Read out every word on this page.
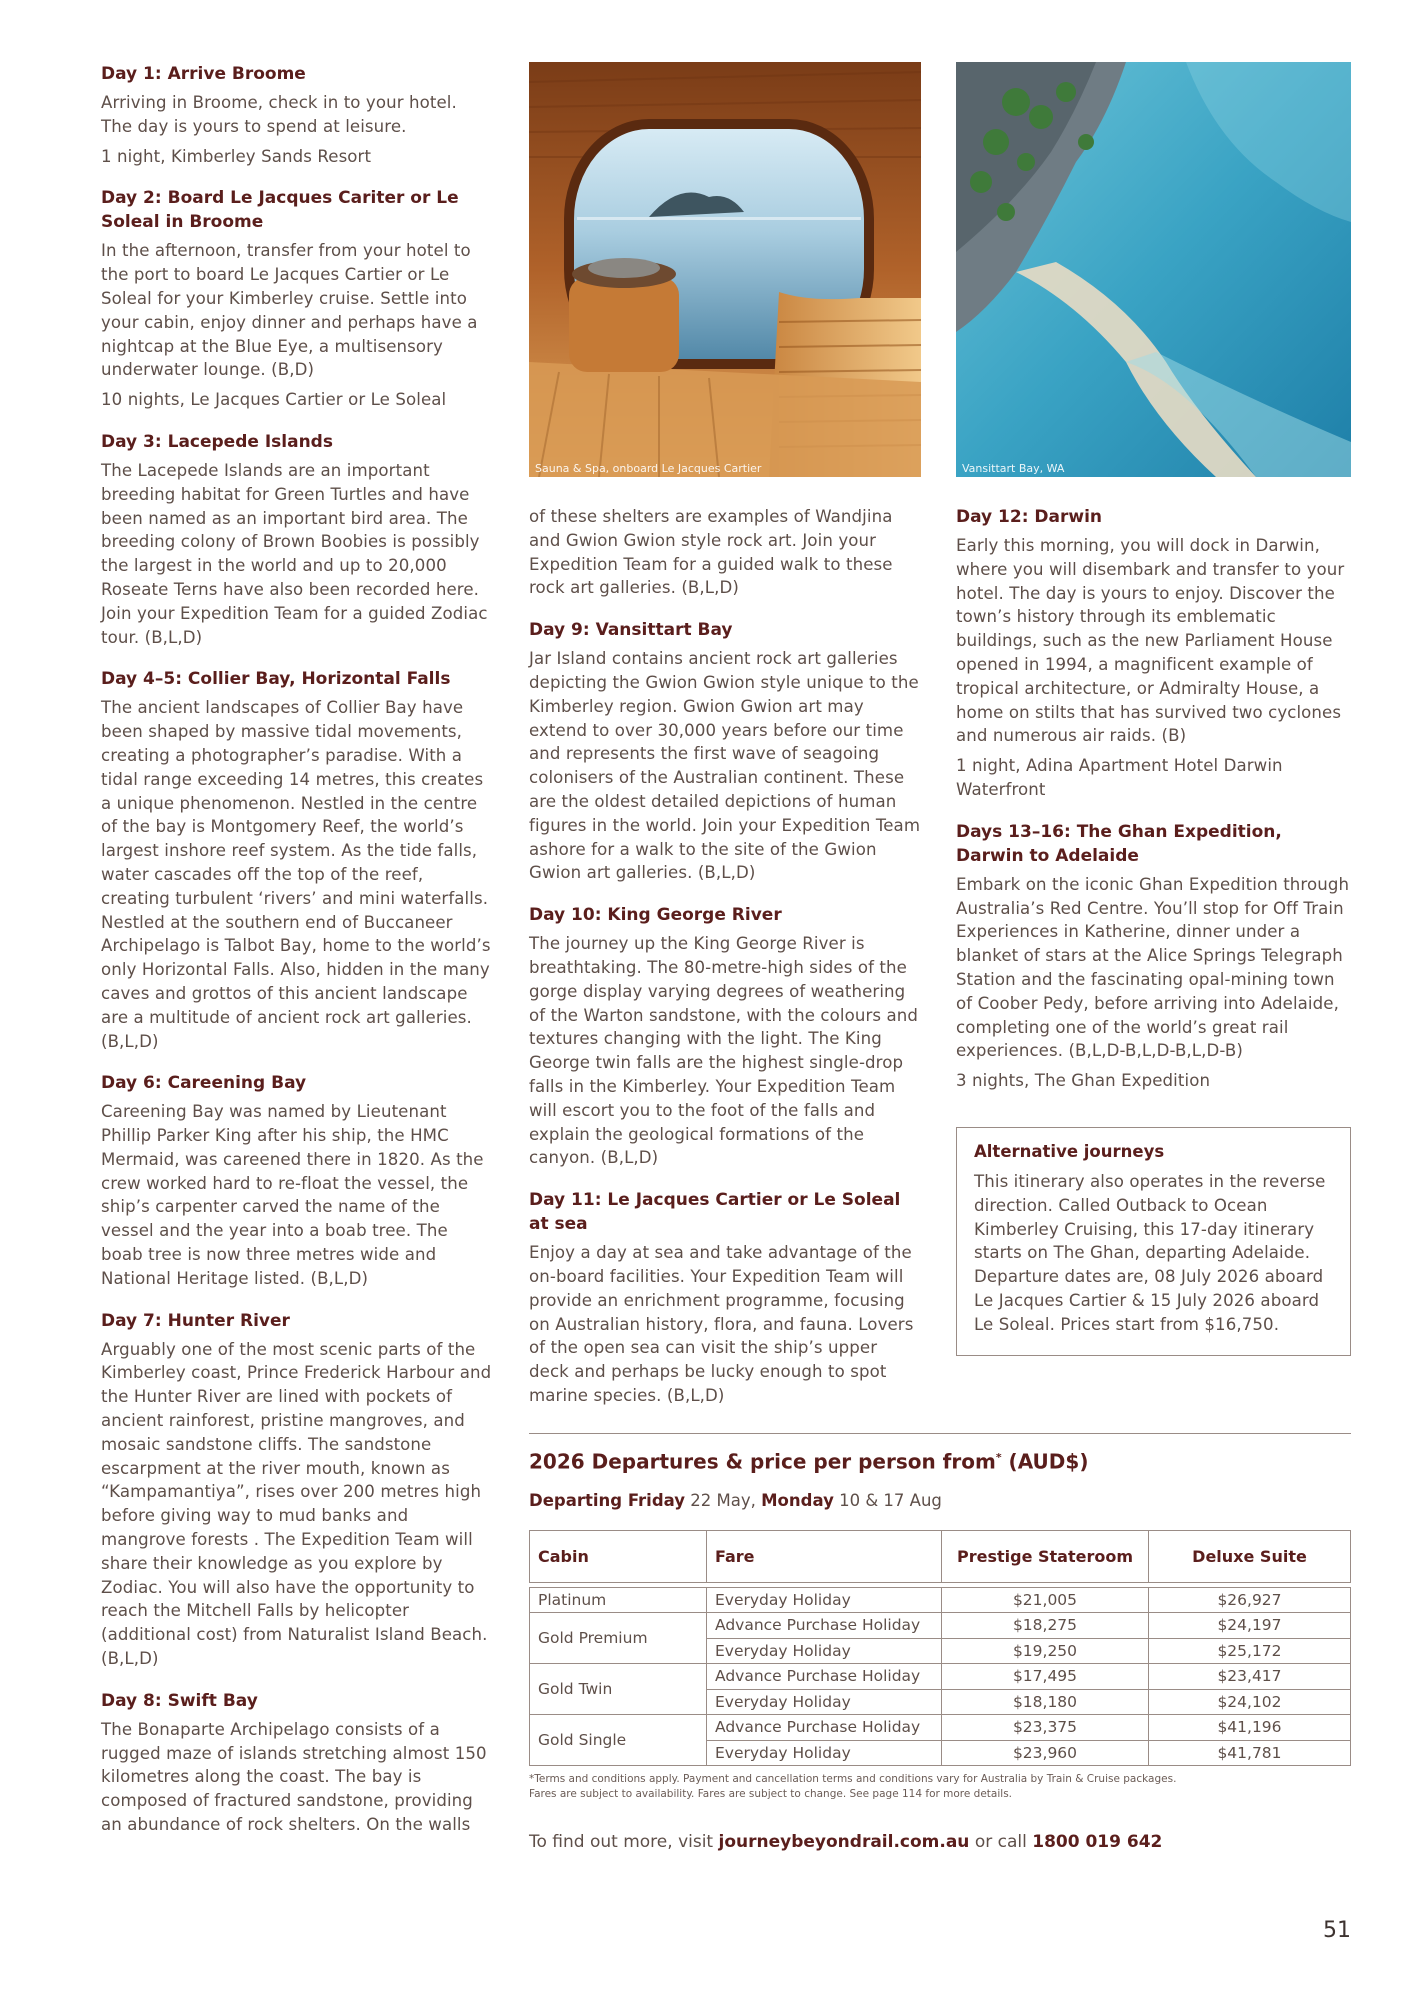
Day 1: Arrive Broome
Arriving in Broome, check in to your hotel. The day is yours to spend at leisure.
1 night, Kimberley Sands Resort
Day 2: Board Le Jacques Cariter or Le Soleal in Broome
In the afternoon, transfer from your hotel to the port to board Le Jacques Cartier or Le Soleal for your Kimberley cruise. Settle into your cabin, enjoy dinner and perhaps have a nightcap at the Blue Eye, a multisensory underwater lounge. (B,D)
10 nights, Le Jacques Cartier or Le Soleal
Day 3: Lacepede Islands
The Lacepede Islands are an important breeding habitat for Green Turtles and have been named as an important bird area. The breeding colony of Brown Boobies is possibly the largest in the world and up to 20,000 Roseate Terns have also been recorded here. Join your Expedition Team for a guided Zodiac tour. (B,L,D)
Day 4–5: Collier Bay, Horizontal Falls
The ancient landscapes of Collier Bay have been shaped by massive tidal movements, creating a photographer’s paradise. With a tidal range exceeding 14 metres, this creates a unique phenomenon. Nestled in the centre of the bay is Montgomery Reef, the world’s largest inshore reef system. As the tide falls, water cascades off the top of the reef, creating turbulent ‘rivers’ and mini waterfalls. Nestled at the southern end of Buccaneer Archipelago is Talbot Bay, home to the world’s only Horizontal Falls. Also, hidden in the many caves and grottos of this ancient landscape are a multitude of ancient rock art galleries. (B,L,D)
Day 6: Careening Bay
Careening Bay was named by Lieutenant Phillip Parker King after his ship, the HMC Mermaid, was careened there in 1820. As the crew worked hard to re-float the vessel, the ship’s carpenter carved the name of the vessel and the year into a boab tree. The boab tree is now three metres wide and National Heritage listed. (B,L,D)
Day 7: Hunter River
Arguably one of the most scenic parts of the Kimberley coast, Prince Frederick Harbour and the Hunter River are lined with pockets of ancient rainforest, pristine mangroves, and mosaic sandstone cliffs. The sandstone escarpment at the river mouth, known as “Kampamantiya”, rises over 200 metres high before giving way to mud banks and mangrove forests . The Expedition Team will share their knowledge as you explore by Zodiac. You will also have the opportunity to reach the Mitchell Falls by helicopter (additional cost) from Naturalist Island Beach. (B,L,D)
Day 8: Swift Bay
The Bonaparte Archipelago consists of a rugged maze of islands stretching almost 150 kilometres along the coast. The bay is composed of fractured sandstone, providing an abundance of rock shelters. On the walls
Sauna & Spa, onboard Le Jacques Cartier
of these shelters are examples of Wandjina and Gwion Gwion style rock art. Join your Expedition Team for a guided walk to these rock art galleries. (B,L,D)
Day 9: Vansittart Bay
Jar Island contains ancient rock art galleries depicting the Gwion Gwion style unique to the Kimberley region. Gwion Gwion art may extend to over 30,000 years before our time and represents the first wave of seagoing colonisers of the Australian continent. These are the oldest detailed depictions of human figures in the world. Join your Expedition Team ashore for a walk to the site of the Gwion Gwion art galleries. (B,L,D)
Day 10: King George River
The journey up the King George River is breathtaking. The 80-metre-high sides of the gorge display varying degrees of weathering of the Warton sandstone, with the colours and textures changing with the light. The King George twin falls are the highest single-drop falls in the Kimberley. Your Expedition Team will escort you to the foot of the falls and explain the geological formations of the canyon. (B,L,D)
Day 11: Le Jacques Cartier or Le Soleal at sea
Enjoy a day at sea and take advantage of the on-board facilities. Your Expedition Team will provide an enrichment programme, focusing on Australian history, flora, and fauna. Lovers of the open sea can visit the ship’s upper deck and perhaps be lucky enough to spot marine species. (B,L,D)
Vansittart Bay, WA
Day 12: Darwin
Early this morning, you will dock in Darwin, where you will disembark and transfer to your hotel. The day is yours to enjoy. Discover the town’s history through its emblematic buildings, such as the new Parliament House opened in 1994, a magnificent example of tropical architecture, or Admiralty House, a home on stilts that has survived two cyclones and numerous air raids. (B)
1 night, Adina Apartment Hotel Darwin Waterfront
Days 13–16: The Ghan Expedition, Darwin to Adelaide
Embark on the iconic Ghan Expedition through Australia’s Red Centre. You’ll stop for Off Train Experiences in Katherine, dinner under a blanket of stars at the Alice Springs Telegraph Station and the fascinating opal-mining town of Coober Pedy, before arriving into Adelaide, completing one of the world’s great rail experiences. (B,L,D-B,L,D-B,L,D-B)
3 nights, The Ghan Expedition
Alternative journeys
This itinerary also operates in the reverse direction. Called Outback to Ocean Kimberley Cruising, this 17-day itinerary starts on The Ghan, departing Adelaide. Departure dates are, 08 July 2026 aboard Le Jacques Cartier & 15 July 2026 aboard Le Soleal. Prices start from $16,750.
2026 Departures & price per person from* (AUD$)
Departing Friday 22 May, Monday 10 & 17 Aug
Cabin	Fare	Prestige Stateroom	Deluxe Suite

Platinum	Everyday Holiday	$21,005	$26,927
Gold Premium	Advance Purchase Holiday	$18,275	$24,197
	Everyday Holiday	$19,250	$25,172
Gold Twin	Advance Purchase Holiday	$17,495	$23,417
	Everyday Holiday	$18,180	$24,102
Gold Single	Advance Purchase Holiday	$23,375	$41,196
	Everyday Holiday	$23,960	$41,781
*Terms and conditions apply. Payment and cancellation terms and conditions vary for Australia by Train & Cruise packages.
Fares are subject to availability. Fares are subject to change. See page 114 for more details.
To find out more, visit journeybeyondrail.com.au or call 1800 019 642
51
